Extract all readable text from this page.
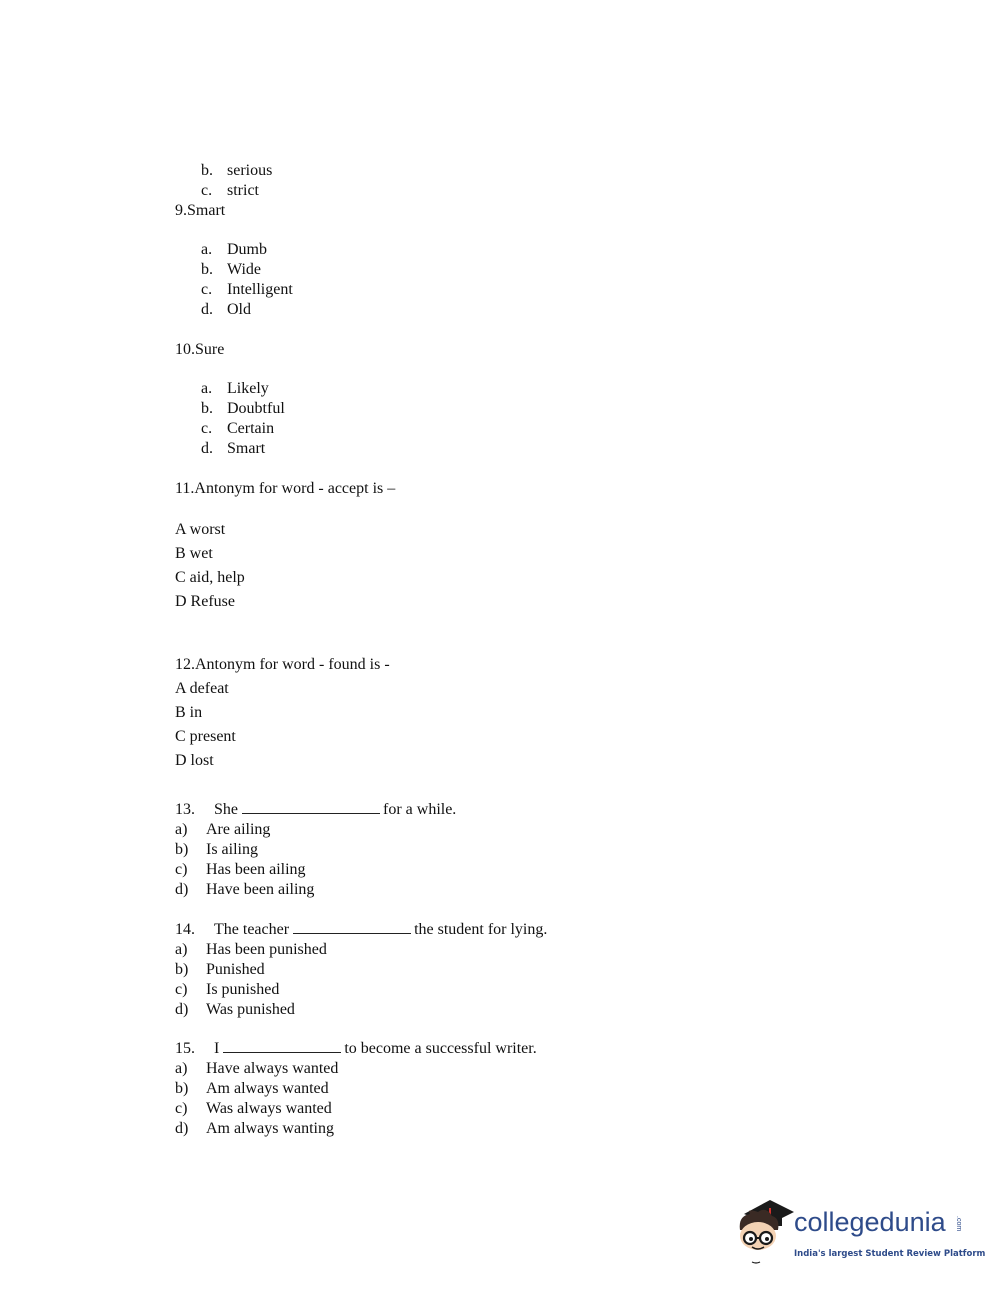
b. serious
c. strict
9.Smart
a. Dumb
b. Wide
c. Intelligent
d. Old
10.Sure
a. Likely
b. Doubtful
c. Certain
d. Smart
11.Antonym for word - accept is –
A worst
B wet
C aid, help
D Refuse
12.Antonym for word - found is -
A defeat
B in
C present
D lost
13.	She	for a while.
a)	Are ailing
b)	Is ailing
c)	Has been ailing
d)	Have been ailing
14.	The teacher	the student for lying.
a)	Has been punished
b)	Punished
c)	Is punished
d)	Was punished
15.	I	to become a successful writer.
a)	Have always wanted
b)	Am always wanted
c)	Was always wanted
d)	Am always wanting
collegedunia	.com
India's largest Student Review Platform
